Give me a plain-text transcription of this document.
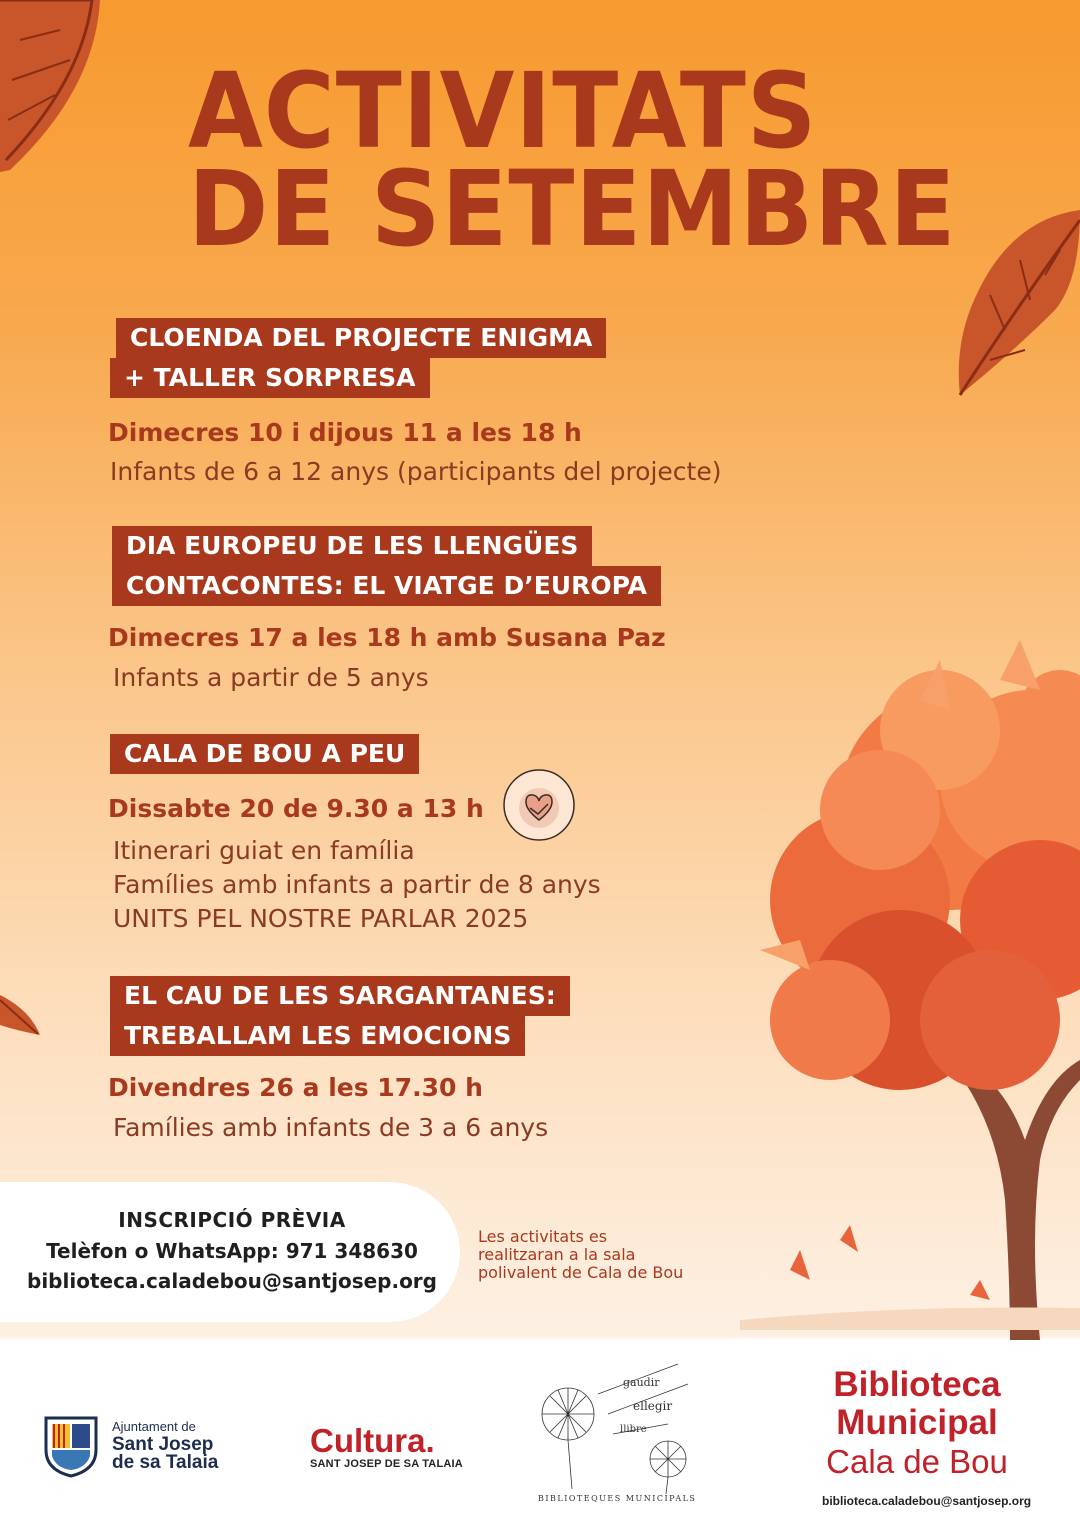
ACTIVITATS
DE SETEMBRE
CLOENDA DEL PROJECTE ENIGMA
+ TALLER SORPRESA
Dimecres 10 i dijous 11 a les 18 h
Infants de 6 a 12 anys (participants del projecte)
DIA EUROPEU DE LES LLENGÜES
CONTACONTES: EL VIATGE D’EUROPA
Dimecres 17 a les 18 h amb Susana Paz
Infants a partir de 5 anys
CALA DE BOU A PEU
Dissabte 20 de 9.30 a 13 h
Itinerari guiat en família
Famílies amb infants a partir de 8 anys
UNITS PEL NOSTRE PARLAR 2025
EL CAU DE LES SARGANTANES:
TREBALLAM LES EMOCIONS
Divendres 26 a les 17.30 h
Famílies amb infants de 3 a 6 anys
INSCRIPCIÓ PRÈVIA
Telèfon o WhatsApp: 971 348630
biblioteca.caladebou@santjosep.org
Les activitats es realitzaran a la sala polivalent de Cala de Bou
Ajuntament de
Sant Josep
de sa Talaia
Cultura.
SANT JOSEP DE SA TALAIA
gaudir
ellegir
llibre
BIBLIOTEQUES MUNICIPALS
Biblioteca
Municipal
Cala de Bou
biblioteca.caladebou@santjosep.org
